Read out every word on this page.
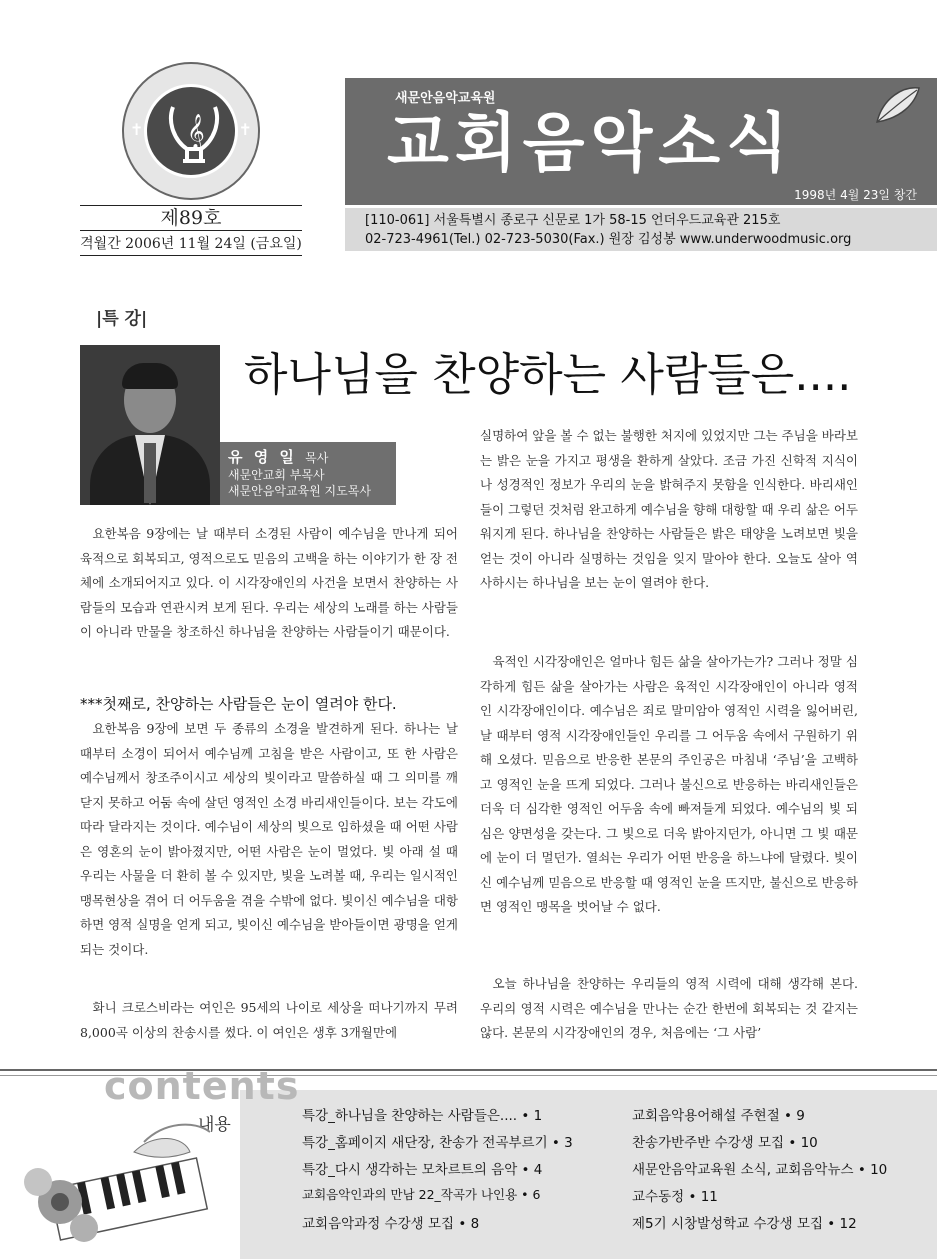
𝄞
✝	✝
제89호
격월간 2006년 11월 24일 (금요일)
새문안음악교육원
교회음악소식
1998년 4월 23일 창간
[110-061] 서울특별시 종로구 신문로 1가 58-15 언더우드교육관 215호
02-723-4961(Tel.) 02-723-5030(Fax.) 원장 김성봉 www.underwoodmusic.org
|특 강|
유 영 일 목사
새문안교회 부목사
새문안음악교육원 지도목사
하나님을 찬양하는 사람들은....

요한복음 9장에는 날 때부터 소경된 사람이 예수님을 만나게 되어 육적으로 회복되고, 영적으로도 믿음의 고백을 하는 이야기가 한 장 전체에 소개되어지고 있다. 이 시각장애인의 사건을 보면서 찬양하는 사람들의 모습과 연관시켜 보게 된다. 우리는 세상의 노래를 하는 사람들이 아니라 만물을 창조하신 하나님을 찬양하는 사람들이기 때문이다.

***첫째로, 찬양하는 사람들은 눈이 열려야 한다.

요한복음 9장에 보면 두 종류의 소경을 발견하게 된다. 하나는 날 때부터 소경이 되어서 예수님께 고침을 받은 사람이고, 또 한 사람은 예수님께서 창조주이시고 세상의 빛이라고 말씀하실 때 그 의미를 깨닫지 못하고 어둠 속에 살던 영적인 소경 바리새인들이다. 보는 각도에 따라 달라지는 것이다. 예수님이 세상의 빛으로 임하셨을 때 어떤 사람은 영혼의 눈이 밝아졌지만, 어떤 사람은 눈이 멀었다. 빛 아래 설 때 우리는 사물을 더 환히 볼 수 있지만, 빛을 노려볼 때, 우리는 일시적인 맹목현상을 겪어 더 어두움을 겪을 수밖에 없다. 빛이신 예수님을 대항하면 영적 실명을 얻게 되고, 빛이신 예수님을 받아들이면 광명을 얻게 되는 것이다.

화니 크로스비라는 여인은 95세의 나이로 세상을 떠나기까지 무려 8,000곡 이상의 찬송시를 썼다. 이 여인은 생후 3개월만에

실명하여 앞을 볼 수 없는 불행한 처지에 있었지만 그는 주님을 바라보는 밝은 눈을 가지고 평생을 환하게 살았다. 조금 가진 신학적 지식이나 성경적인 정보가 우리의 눈을 밝혀주지 못함을 인식한다. 바리새인들이 그렇던 것처럼 완고하게 예수님을 향해 대항할 때 우리 삶은 어두워지게 된다. 하나님을 찬양하는 사람들은 밝은 태양을 노려보면 빛을 얻는 것이 아니라 실명하는 것임을 잊지 말아야 한다. 오늘도 살아 역사하시는 하나님을 보는 눈이 열려야 한다.

육적인 시각장애인은 얼마나 힘든 삶을 살아가는가? 그러나 정말 심각하게 힘든 삶을 살아가는 사람은 육적인 시각장애인이 아니라 영적인 시각장애인이다. 예수님은 죄로 말미암아 영적인 시력을 잃어버린, 날 때부터 영적 시각장애인들인 우리를 그 어두움 속에서 구원하기 위해 오셨다. 믿음으로 반응한 본문의 주인공은 마침내 ‘주님’을 고백하고 영적인 눈을 뜨게 되었다. 그러나 불신으로 반응하는 바리새인들은 더욱 더 심각한 영적인 어두움 속에 빠져들게 되었다. 예수님의 빛 되심은 양면성을 갖는다. 그 빛으로 더욱 밝아지던가, 아니면 그 빛 때문에 눈이 더 멀던가. 열쇠는 우리가 어떤 반응을 하느냐에 달렸다. 빛이신 예수님께 믿음으로 반응할 때 영적인 눈을 뜨지만, 불신으로 반응하면 영적인 맹목을 벗어날 수 없다.

오늘 하나님을 찬양하는 우리들의 영적 시력에 대해 생각해 본다. 우리의 영적 시력은 예수님을 만나는 순간 한번에 회복되는 것 같지는 않다. 본문의 시각장애인의 경우, 처음에는 ‘그 사람’

contents
내용	특강_하나님을 찬양하는 사람들은.... • 1
특강_홈페이지 새단장, 찬송가 전곡부르기 • 3
특강_다시 생각하는 모차르트의 음악 • 4
교회음악인과의 만남 22_작곡가 나인용 • 6
교회음악과정 수강생 모집 • 8
교회음악용어해설 주현절 • 9
찬송가반주반 수강생 모집 • 10
새문안음악교육원 소식, 교회음악뉴스 • 10
교수동정 • 11
제5기 시창발성학교 수강생 모집 • 12
